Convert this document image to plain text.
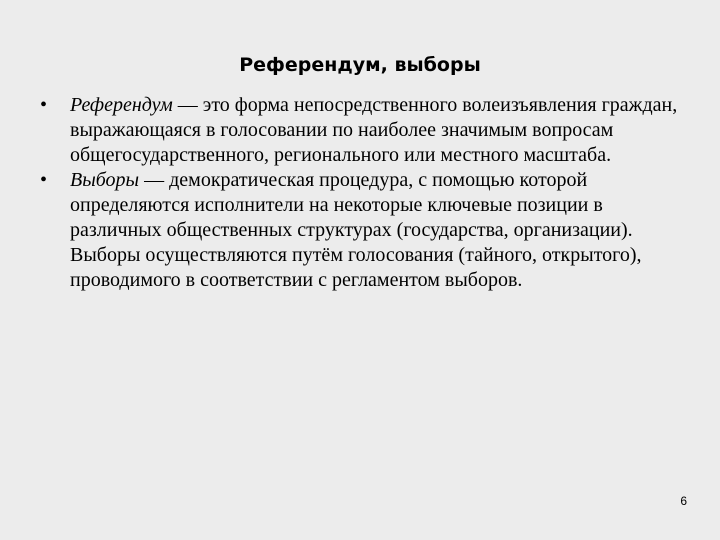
Референдум, выборы
•	Референдум — это форма непосредственного волеизъявления граждан, выражающаяся в голосовании по наиболее значимым вопросам общегосударственного, регионального или местного масштаба.
•	Выборы — демократическая процедура, с помощью которой определяются исполнители на некоторые ключевые позиции в различных общественных структурах (государства, организации).
Выборы осуществляются путём голосования (тайного, открытого), проводимого в соответствии с регламентом выборов.
6
